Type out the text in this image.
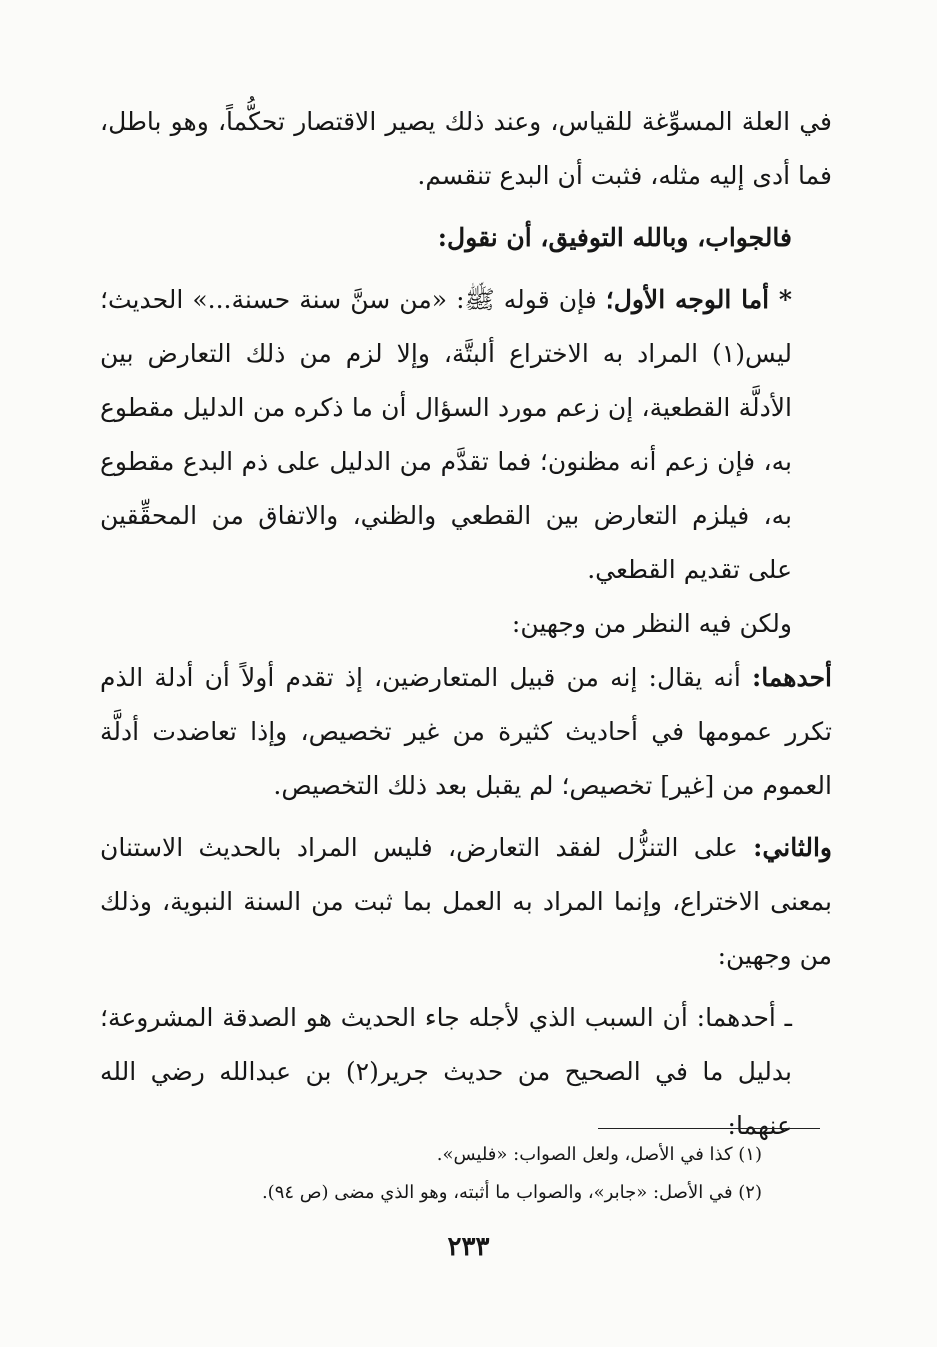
في العلة المسوِّغة للقياس، وعند ذلك يصير الاقتصار تحكُّماً، وهو باطل، فما أدى إليه مثله، فثبت أن البدع تنقسم.

فالجواب، وبالله التوفيق، أن نقول:

* أما الوجه الأول؛ فإن قوله ﷺ: «من سنَّ سنة حسنة...» الحديث؛ ليس(١) المراد به الاختراع ألبتَّة، وإلا لزم من ذلك التعارض بين الأدلَّة القطعية، إن زعم مورد السؤال أن ما ذكره من الدليل مقطوع به، فإن زعم أنه مظنون؛ فما تقدَّم من الدليل على ذم البدع مقطوع به، فيلزم التعارض بين القطعي والظني، والاتفاق من المحقِّقين على تقديم القطعي.

ولكن فيه النظر من وجهين:

أحدهما: أنه يقال: إنه من قبيل المتعارضين، إذ تقدم أولاً أن أدلة الذم تكرر عمومها في أحاديث كثيرة من غير تخصيص، وإذا تعاضدت أدلَّة العموم من [غير] تخصيص؛ لم يقبل بعد ذلك التخصيص.

والثاني: على التنزُّل لفقد التعارض، فليس المراد بالحديث الاستنان بمعنى الاختراع، وإنما المراد به العمل بما ثبت من السنة النبوية، وذلك من وجهين:

ـ أحدهما: أن السبب الذي لأجله جاء الحديث هو الصدقة المشروعة؛ بدليل ما في الصحيح من حديث جرير(٢) بن عبدالله رضي الله عنهما:

(١) كذا في الأصل، ولعل الصواب: «فليس».
(٢) في الأصل: «جابر»، والصواب ما أثبته، وهو الذي مضى (ص ٩٤).
٢٣٣
